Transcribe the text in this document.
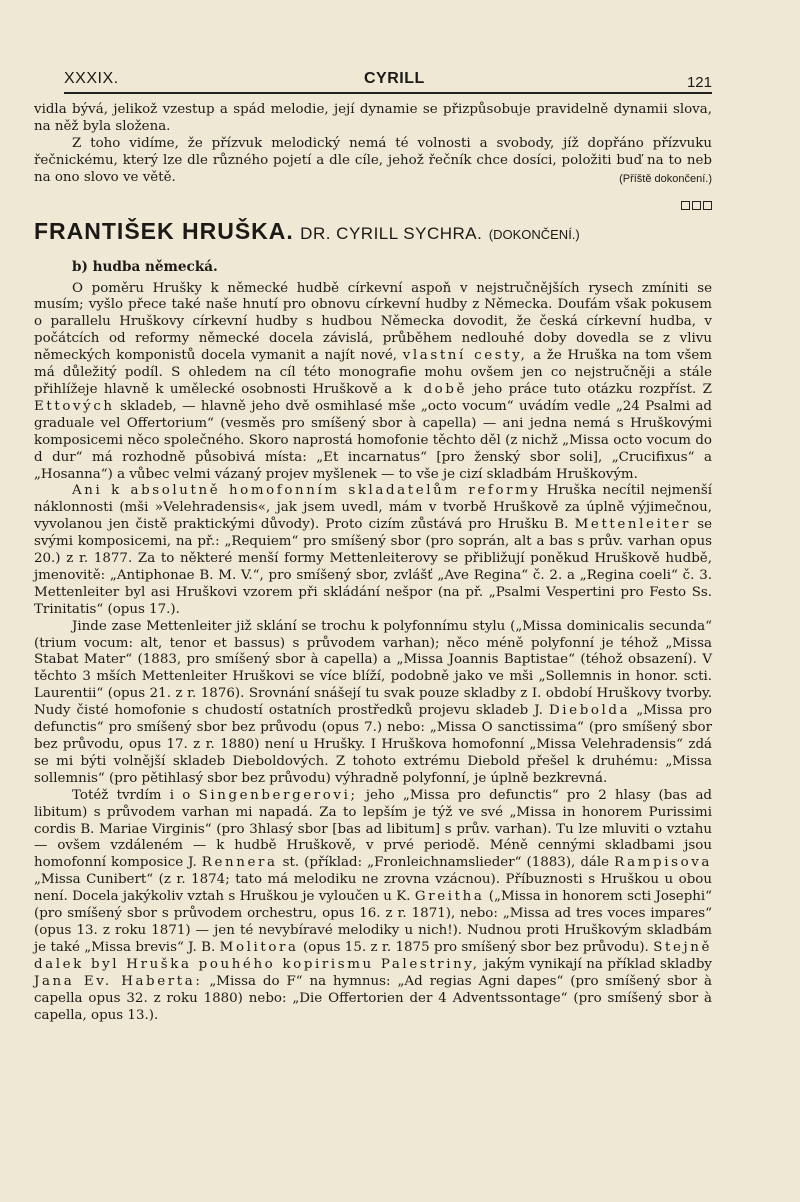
XXXIX.	CYRILL	121

vidla bývá, jelikož vzestup a spád melodie, její dynamie se přizpůsobuje pravidelně dynamii slova, na něž byla složena.

Z toho vidíme, že přízvuk melodický nemá té volnosti a svobody, jíž dopřáno přízvuku řečnickému, který lze dle různého pojetí a dle cíle, jehož řečník chce dosíci, položiti buď na to neb na ono slovo ve větě.	(Příště dokončení.)
FRANTIŠEK HRUŠKA. DR. CYRILL SYCHRA. (DOKONČENÍ.)
b) hudba německá.

O poměru Hrušky k německé hudbě církevní aspoň v nejstručnějších rysech zmíniti se musím; vyšlo přece také naše hnutí pro obnovu církevní hudby z Německa. Doufám však pokusem o parallelu Hruškovy církevní hudby s hudbou Německa dovodit, že česká církevní hudba, v počátcích od reformy německé docela závislá, průběhem nedlouhé doby dovedla se z vlivu německých komponistů docela vymanit a najít nové, vlastní cesty, a že Hruška na tom všem má důležitý podíl. S ohledem na cíl této monografie mohu ovšem jen co nejstručněji a stále přihlížeje hlavně k umělecké osobnosti Hruškově a k době jeho práce tuto otázku rozpříst. Z Ettových skladeb, — hlavně jeho dvě osmihlasé mše „octo vocum“ uvádím vedle „24 Psalmi ad graduale vel Offertorium“ (vesměs pro smíšený sbor à capella) — ani jedna nemá s Hruškovými komposicemi něco společného. Skoro naprostá homofonie těchto děl (z nichž „Missa octo vocum do d dur“ má rozhodně působivá místa: „Et incarnatus“ [pro ženský sbor soli], „Crucifixus“ a „Hosanna“) a vůbec velmi vázaný projev myšlenek — to vše je cizí skladbám Hruškovým.

Ani k absolutně homofonním skladatelům reformy Hruška necítil nejmenší náklonnosti (mši »Velehradensis«, jak jsem uvedl, mám v tvorbě Hruškově za úplně výjimečnou, vyvolanou jen čistě praktickými důvody). Proto cizím zůstává pro Hrušku B. Mettenleiter se svými komposicemi, na př.: „Requiem“ pro smíšený sbor (pro soprán, alt a bas s prův. varhan opus 20.) z r. 1877. Za to některé menší formy Mettenleiterovy se přibližují poněkud Hruškově hudbě, jmenovitě: „Antiphonae B. M. V.“, pro smíšený sbor, zvlášť „Ave Regina“ č. 2. a „Regina coeli“ č. 3. Mettenleiter byl asi Hruškovi vzorem při skládání nešpor (na př. „Psalmi Vespertini pro Festo Ss. Trinitatis“ (opus 17.).

Jinde zase Mettenleiter již sklání se trochu k polyfonnímu stylu („Missa dominicalis secunda“ (trium vocum: alt, tenor et bassus) s průvodem varhan); něco méně polyfonní je téhož „Missa Stabat Mater“ (1883, pro smíšený sbor à capella) a „Missa Joannis Baptistae“ (téhož obsazení). V těchto 3 mších Mettenleiter Hruškovi se více blíží, podobně jako ve mši „Sollemnis in honor. scti. Laurentii“ (opus 21. z r. 1876). Srovnání snášejí tu svak pouze skladby z I. období Hruškovy tvorby. Nudy čisté homofonie s chudostí ostatních prostředků projevu skladeb J. Diebolda „Missa pro defunctis“ pro smíšený sbor bez průvodu (opus 7.) nebo: „Missa O sanctissima“ (pro smíšený sbor bez průvodu, opus 17. z r. 1880) není u Hrušky. I Hruškova homofonní „Missa Velehradensis“ zdá se mi býti volnější skladeb Dieboldových. Z tohoto extrému Diebold přešel k druhému: „Missa sollemnis“ (pro pětihlasý sbor bez průvodu) výhradně polyfonní, je úplně bezkrevná.

Totéž tvrdím i o Singenbergerovi; jeho „Missa pro defunctis“ pro 2 hlasy (bas ad libitum) s průvodem varhan mi napadá. Za to lepším je týž ve své „Missa in honorem Purissimi cordis B. Mariae Virginis“ (pro 3hlasý sbor [bas ad libitum] s prův. varhan). Tu lze mluviti o vztahu — ovšem vzdáleném — k hudbě Hruškově, v prvé periodě. Méně cennými skladbami jsou homofonní komposice J. Rennera st. (příklad: „Fronleichnamslieder“ (1883), dále Rampisova „Missa Cunibert“ (z r. 1874; tato má melodiku ne zrovna vzácnou). Příbuznosti s Hruškou u obou není. Docela jakýkoliv vztah s Hruškou je vyloučen u K. Greitha („Missa in honorem scti Josephi“ (pro smíšený sbor s průvodem orchestru, opus 16. z r. 1871), nebo: „Missa ad tres voces impares“ (opus 13. z roku 1871) — jen té nevybíravé melodiky u nich!). Nudnou proti Hruškovým skladbám je také „Missa brevis“ J. B. Molitora (opus 15. z r. 1875 pro smíšený sbor bez průvodu). Stejně dalek byl Hruška pouhého kopirismu Palestriny, jakým vynikají na příklad skladby Jana Ev. Haberta: „Missa do F“ na hymnus: „Ad regias Agni dapes“ (pro smíšený sbor à capella opus 32. z roku 1880) nebo: „Die Offertorien der 4 Adventssontage“ (pro smíšený sbor à capella, opus 13.).
